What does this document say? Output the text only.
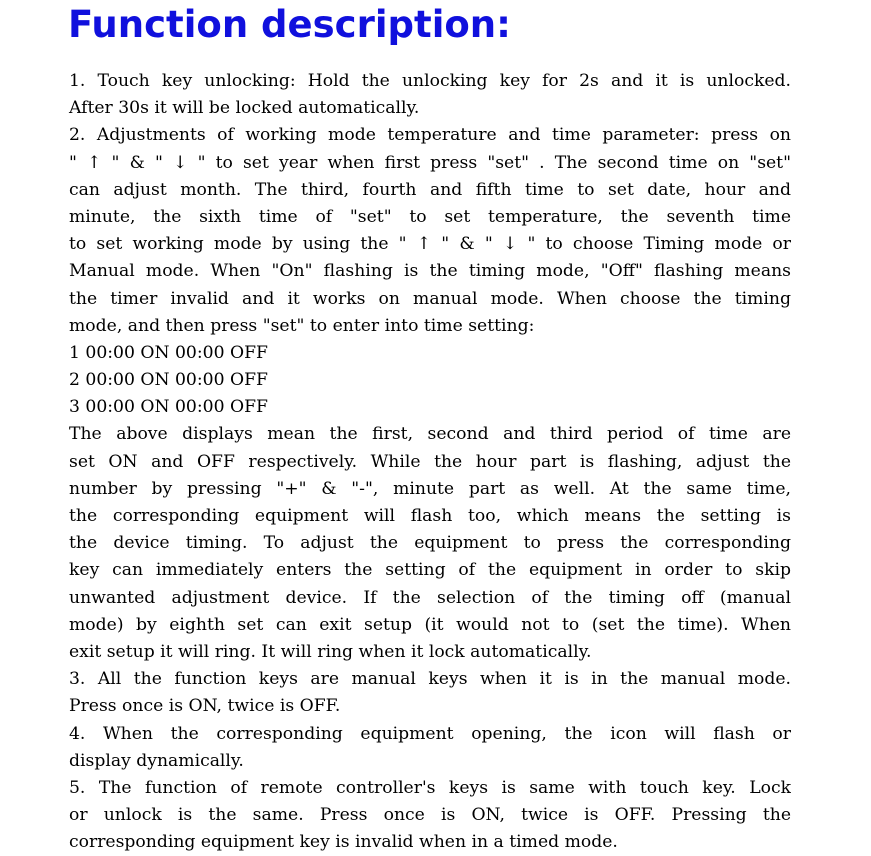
Function description:
1. Touch key unlocking: Hold the unlocking key for 2s and it is unlocked.
After 30s it will be locked automatically.
2. Adjustments of working mode temperature and time parameter: press on
" ↑ " & " ↓ " to set year when first press "set" . The second time on "set"
can adjust month. The third, fourth and fifth time to set date, hour and
minute, the sixth time of "set" to set temperature, the seventh time
to set working mode by using the " ↑ " & " ↓ " to choose Timing mode or
Manual mode. When "On" flashing is the timing mode, "Off" flashing means
the timer invalid and it works on manual mode. When choose the timing
mode, and then press "set" to enter into time setting:
1 00:00 ON 00:00 OFF
2 00:00 ON 00:00 OFF
3 00:00 ON 00:00 OFF
The above displays mean the first, second and third period of time are
set ON and OFF respectively. While the hour part is flashing, adjust the
number by pressing "+" & "-", minute part as well. At the same time,
the corresponding equipment will flash too, which means the setting is
the device timing. To adjust the equipment to press the corresponding
key can immediately enters the setting of the equipment in order to skip
unwanted adjustment device. If the selection of the timing off (manual
mode) by eighth set can exit setup (it would not to (set the time). When
exit setup it will ring. It will ring when it lock automatically.
3. All the function keys are manual keys when it is in the manual mode.
Press once is ON, twice is OFF.
4. When the corresponding equipment opening, the icon will flash or
display dynamically.
5. The function of remote controller's keys is same with touch key. Lock
or unlock is the same. Press once is ON, twice is OFF. Pressing the
corresponding equipment key is invalid when in a timed mode.
